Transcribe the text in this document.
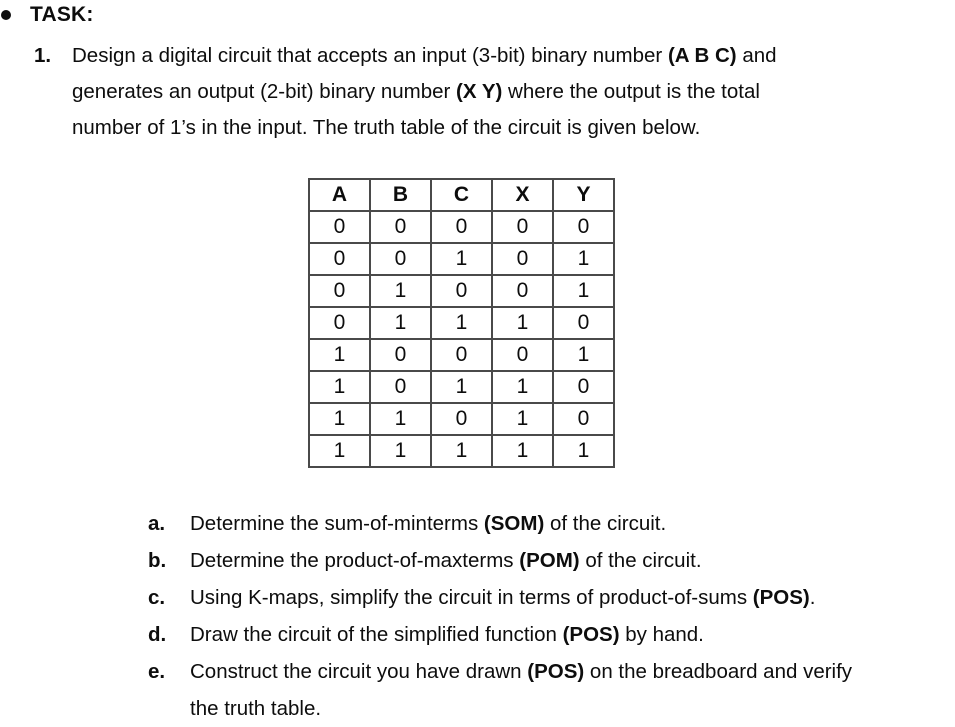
TASK:
1. Design a digital circuit that accepts an input (3-bit) binary number (A B C) and
generates an output (2-bit) binary number (X Y) where the output is the total
number of 1’s in the input. The truth table of the circuit is given below.
A	B	C	X	Y
0	0	0	0	0
0	0	1	0	1
0	1	0	0	1
0	1	1	1	0
1	0	0	0	1
1	0	1	1	0
1	1	0	1	0
1	1	1	1	1
a.	Determine the sum-of-minterms (SOM) of the circuit.
b.	Determine the product-of-maxterms (POM) of the circuit.
c.	Using K-maps, simplify the circuit in terms of product-of-sums (POS).
d.	Draw the circuit of the simplified function (POS) by hand.
e.	Construct the circuit you have drawn (POS) on the breadboard and verify
the truth table.
